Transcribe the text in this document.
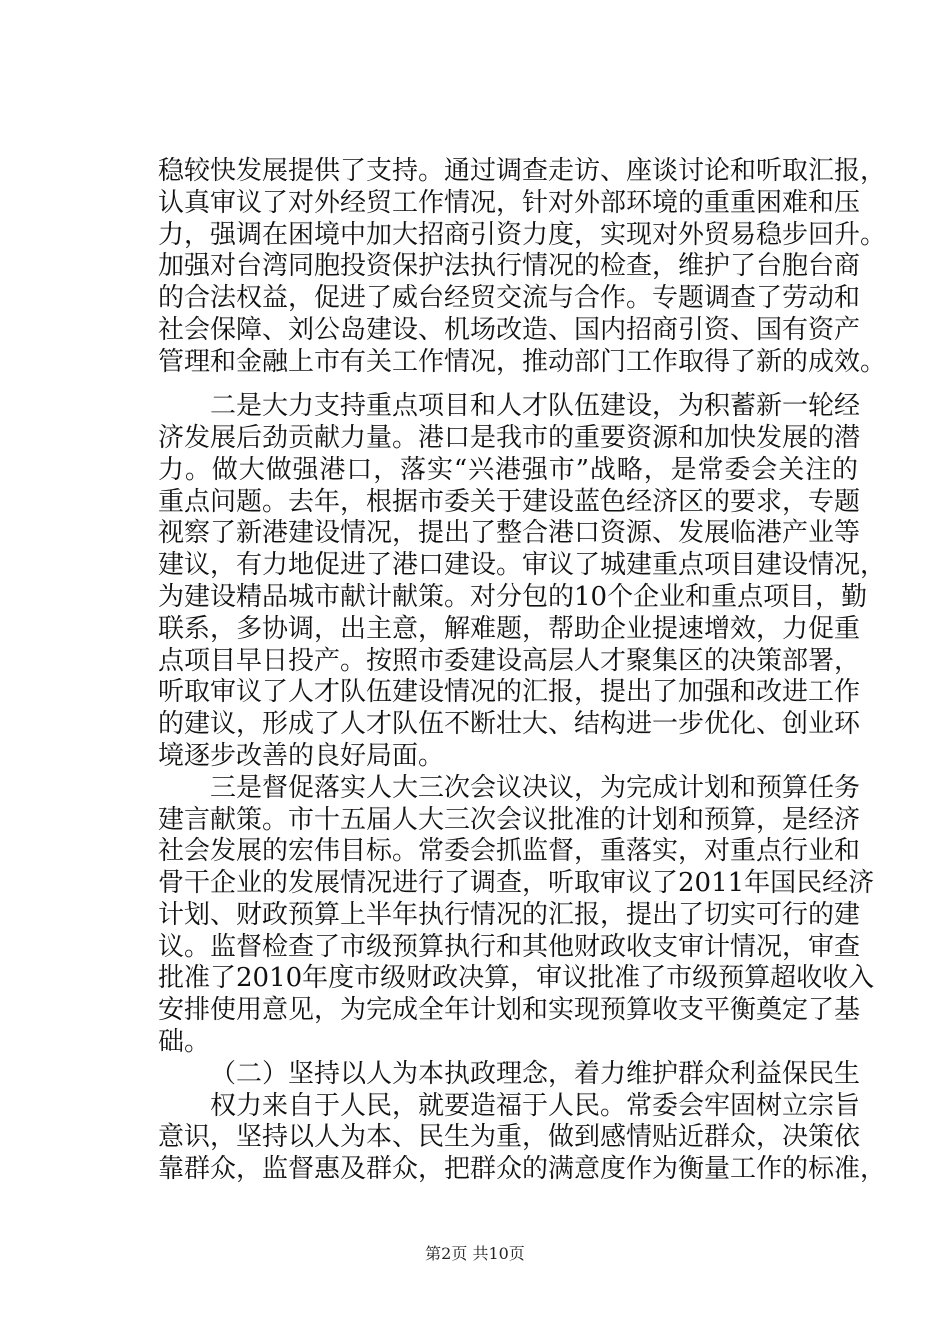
稳较快发展提供了支持。通过调查走访、座谈讨论和听取汇报，
认真审议了对外经贸工作情况，针对外部环境的重重困难和压
力，强调在困境中加大招商引资力度，实现对外贸易稳步回升。
加强对台湾同胞投资保护法执行情况的检查，维护了台胞台商
的合法权益，促进了威台经贸交流与合作。专题调查了劳动和
社会保障、刘公岛建设、机场改造、国内招商引资、国有资产
管理和金融上市有关工作情况，推动部门工作取得了新的成效。
二是大力支持重点项目和人才队伍建设，为积蓄新一轮经
济发展后劲贡献力量。港口是我市的重要资源和加快发展的潜
力。做大做强港口，落实“兴港强市”战略，是常委会关注的
重点问题。去年，根据市委关于建设蓝色经济区的要求，专题
视察了新港建设情况，提出了整合港口资源、发展临港产业等
建议，有力地促进了港口建设。审议了城建重点项目建设情况，
为建设精品城市献计献策。对分包的10个企业和重点项目，勤
联系，多协调，出主意，解难题，帮助企业提速增效，力促重
点项目早日投产。按照市委建设高层人才聚集区的决策部署，
听取审议了人才队伍建设情况的汇报，提出了加强和改进工作
的建议，形成了人才队伍不断壮大、结构进一步优化、创业环
境逐步改善的良好局面。
三是督促落实人大三次会议决议，为完成计划和预算任务
建言献策。市十五届人大三次会议批准的计划和预算，是经济
社会发展的宏伟目标。常委会抓监督，重落实，对重点行业和
骨干企业的发展情况进行了调查，听取审议了2011年国民经济
计划、财政预算上半年执行情况的汇报，提出了切实可行的建
议。监督检查了市级预算执行和其他财政收支审计情况，审查
批准了2010年度市级财政决算，审议批准了市级预算超收收入
安排使用意见，为完成全年计划和实现预算收支平衡奠定了基
础。
（二）坚持以人为本执政理念，着力维护群众利益保民生
权力来自于人民，就要造福于人民。常委会牢固树立宗旨
意识，坚持以人为本、民生为重，做到感情贴近群众，决策依
靠群众，监督惠及群众，把群众的满意度作为衡量工作的标准，
第2页 共10页
